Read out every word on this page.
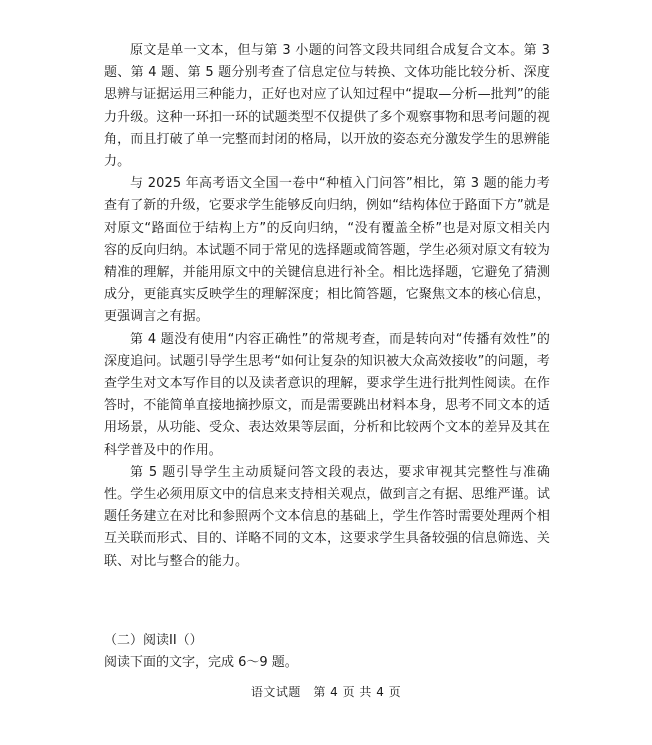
原文是单一文本，但与第 3 小题的问答文段共同组合成复合文本。第 3 题、第 4 题、第 5 题分别考查了信息定位与转换、文体功能比较分析、深度思辨与证据运用三种能力，正好也对应了认知过程中“提取—分析—批判”的能力升级。这种一环扣一环的试题类型不仅提供了多个观察事物和思考问题的视角，而且打破了单一完整而封闭的格局，以开放的姿态充分激发学生的思辨能力。

与 2025 年高考语文全国一卷中“种植入门问答”相比，第 3 题的能力考查有了新的升级，它要求学生能够反向归纳，例如“结构体位于路面下方”就是对原文“路面位于结构上方”的反向归纳，“没有覆盖全桥”也是对原文相关内容的反向归纳。本试题不同于常见的选择题或简答题，学生必须对原文有较为精准的理解，并能用原文中的关键信息进行补全。相比选择题，它避免了猜测成分，更能真实反映学生的理解深度；相比简答题，它聚焦文本的核心信息，更强调言之有据。

第 4 题没有使用“内容正确性”的常规考查，而是转向对“传播有效性”的深度追问。试题引导学生思考“如何让复杂的知识被大众高效接收”的问题，考查学生对文本写作目的以及读者意识的理解，要求学生进行批判性阅读。在作答时，不能简单直接地摘抄原文，而是需要跳出材料本身，思考不同文本的适用场景，从功能、受众、表达效果等层面，分析和比较两个文本的差异及其在科学普及中的作用。

第 5 题引导学生主动质疑问答文段的表达，要求审视其完整性与准确性。学生必须用原文中的信息来支持相关观点，做到言之有据、思维严谨。试题任务建立在对比和参照两个文本信息的基础上，学生作答时需要处理两个相互关联而形式、目的、详略不同的文本，这要求学生具备较强的信息筛选、关联、对比与整合的能力。

（二）阅读II（）
阅读下面的文字，完成 6～9 题。
语文试题　第 4 页 共 4 页
